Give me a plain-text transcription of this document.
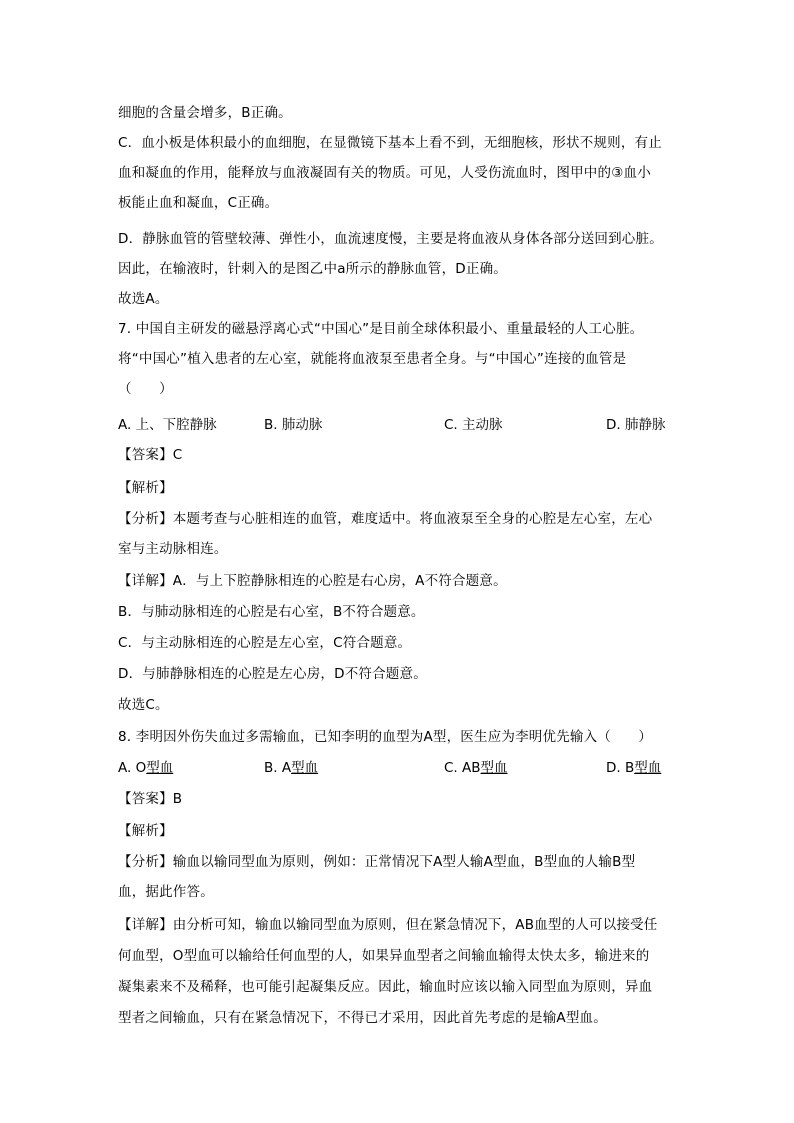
细胞的含量会增多，B正确。
C．血小板是体积最小的血细胞，在显微镜下基本上看不到，无细胞核，形状不规则，有止
血和凝血的作用，能释放与血液凝固有关的物质。可见，人受伤流血时，图甲中的③血小
板能止血和凝血，C正确。
D．静脉血管的管壁较薄、弹性小，血流速度慢，主要是将血液从身体各部分送回到心脏。
因此，在输液时，针刺入的是图乙中a所示的静脉血管，D正确。
故选A。
7. 中国自主研发的磁悬浮离心式“中国心”是目前全球体积最小、重量最轻的人工心脏。
将“中国心”植入患者的左心室，就能将血液泵至患者全身。与“中国心”连接的血管是
（　　）
A. 上、下腔静脉	B. 肺动脉	C. 主动脉	D. 肺静脉
【答案】C
【解析】
【分析】本题考查与心脏相连的血管，难度适中。将血液泵至全身的心腔是左心室，左心
室与主动脉相连。
【详解】A．与上下腔静脉相连的心腔是右心房，A不符合题意。
B．与肺动脉相连的心腔是右心室，B不符合题意。
C．与主动脉相连的心腔是左心室，C符合题意。
D．与肺静脉相连的心腔是左心房，D不符合题意。
故选C。
8. 李明因外伤失血过多需输血，已知李明的血型为A型，医生应为李明优先输入（　　）
A. O型血	B. A型血	C. AB型血	D. B型血
【答案】B
【解析】
【分析】输血以输同型血为原则，例如：正常情况下A型人输A型血，B型血的人输B型
血，据此作答。
【详解】由分析可知，输血以输同型血为原则，但在紧急情况下，AB血型的人可以接受任
何血型，O型血可以输给任何血型的人，如果异血型者之间输血输得太快太多，输进来的
凝集素来不及稀释，也可能引起凝集反应。因此，输血时应该以输入同型血为原则，异血
型者之间输血，只有在紧急情况下，不得已才采用，因此首先考虑的是输A型血。
